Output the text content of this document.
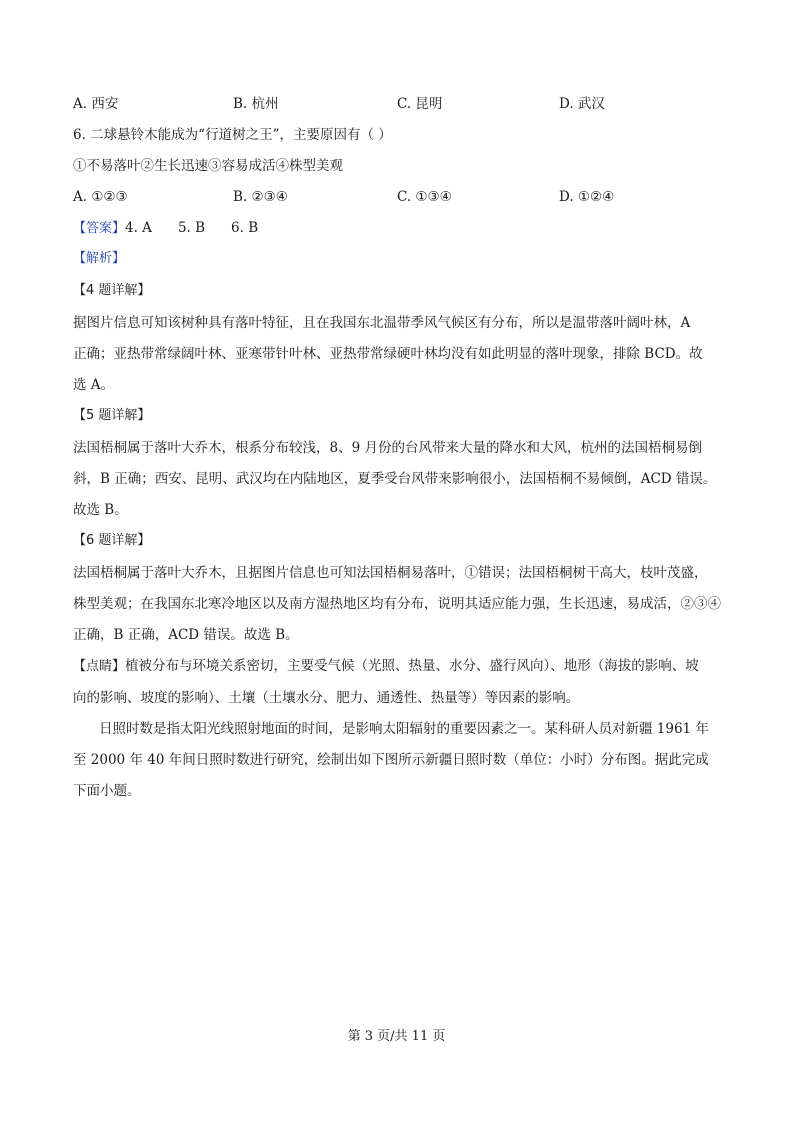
A. 西安	B. 杭州	C. 昆明	D. 武汉
6. 二球悬铃木能成为“行道树之王”，主要原因有（ ）
①不易落叶②生长迅速③容易成活④株型美观
A. ①②③	B. ②③④	C. ①③④	D. ①②④
【答案】4. A 5. B 6. B
【解析】
【4 题详解】
据图片信息可知该树种具有落叶特征，且在我国东北温带季风气候区有分布，所以是温带落叶阔叶林，A
正确；亚热带常绿阔叶林、亚寒带针叶林、亚热带常绿硬叶林均没有如此明显的落叶现象，排除 BCD。故
选 A。
【5 题详解】
法国梧桐属于落叶大乔木，根系分布较浅，8、9 月份的台风带来大量的降水和大风，杭州的法国梧桐易倒
斜，B 正确；西安、昆明、武汉均在内陆地区，夏季受台风带来影响很小，法国梧桐不易倾倒，ACD 错误。
故选 B。
【6 题详解】
法国梧桐属于落叶大乔木，且据图片信息也可知法国梧桐易落叶，①错误；法国梧桐树干高大，枝叶茂盛，
株型美观；在我国东北寒冷地区以及南方湿热地区均有分布，说明其适应能力强，生长迅速，易成活，②③④
正确，B 正确，ACD 错误。故选 B。
【点睛】植被分布与环境关系密切，主要受气候（光照、热量、水分、盛行风向）、地形（海拔的影响、坡
向的影响、坡度的影响）、土壤（土壤水分、肥力、通透性、热量等）等因素的影响。
日照时数是指太阳光线照射地面的时间，是影响太阳辐射的重要因素之一。某科研人员对新疆 1961 年
至 2000 年 40 年间日照时数进行研究，绘制出如下图所示新疆日照时数（单位：小时）分布图。据此完成
下面小题。
第 3 页/共 11 页
